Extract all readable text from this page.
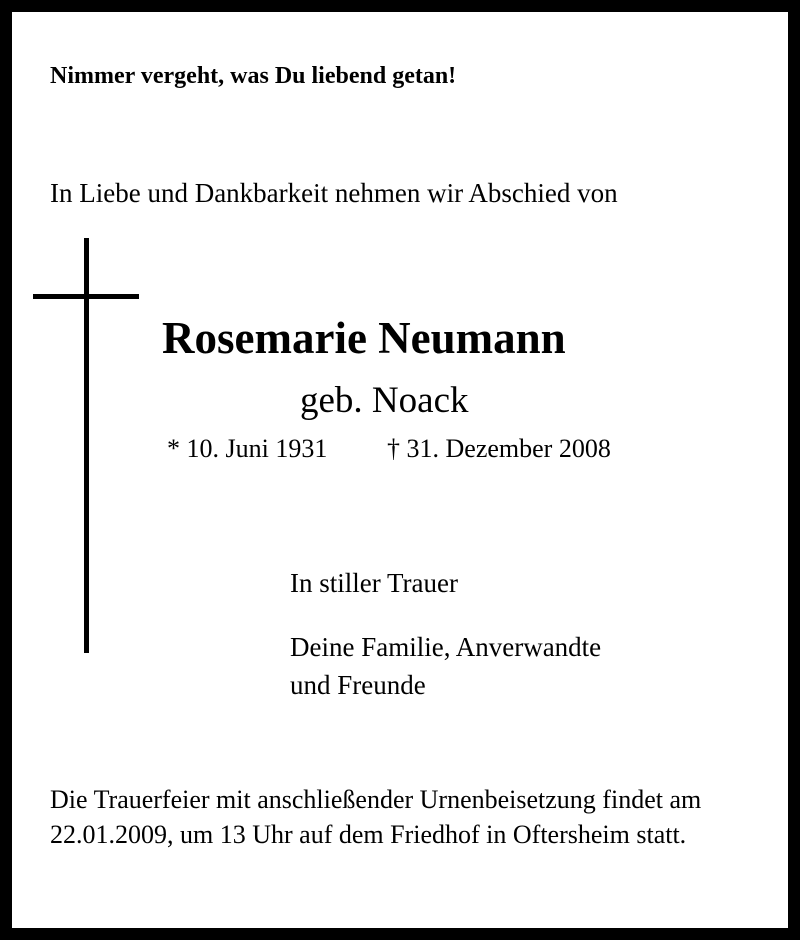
Nimmer vergeht, was Du liebend getan!
In Liebe und Dankbarkeit nehmen wir Abschied von
Rosemarie Neumann
geb. Noack
* 10. Juni 1931 † 31. Dezember 2008
In stiller Trauer
Deine Familie, Anverwandte
und Freunde
Die Trauerfeier mit anschließender Urnenbeisetzung findet am
22.01.2009, um 13 Uhr auf dem Friedhof in Oftersheim statt.
